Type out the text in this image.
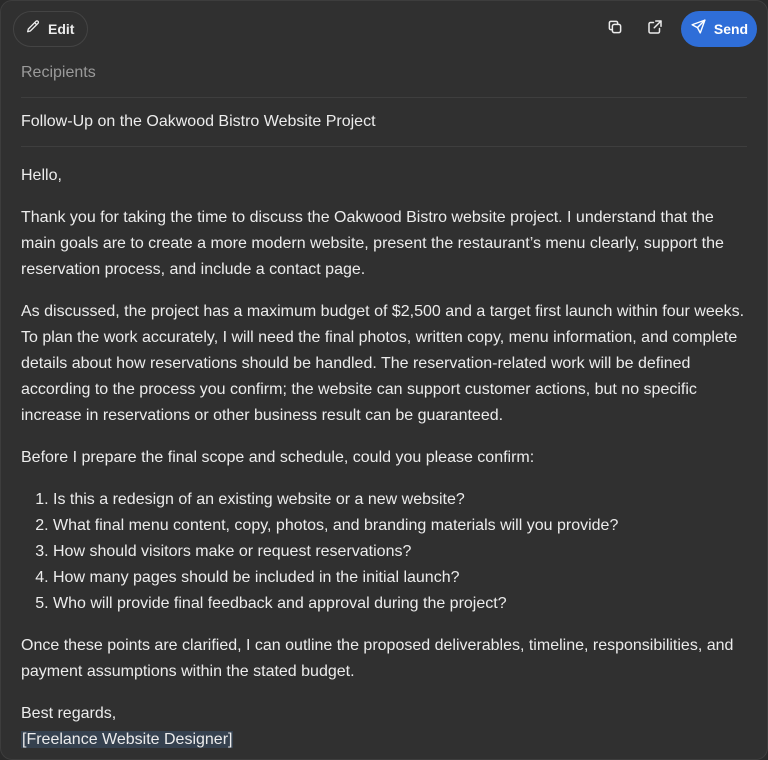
Edit	Send
Recipients
Follow-Up on the Oakwood Bistro Website Project

Hello,

Thank you for taking the time to discuss the Oakwood Bistro website project. I understand that the main goals are to create a more modern website, present the restaurant’s menu clearly, support the reservation process, and include a contact page.

As discussed, the project has a maximum budget of $2,500 and a target first launch within four weeks. To plan the work accurately, I will need the final photos, written copy, menu information, and complete details about how reservations should be handled. The reservation-related work will be defined according to the process you confirm; the website can support customer actions, but no specific increase in reservations or other business result can be guaranteed.

Before I prepare the final scope and schedule, could you please confirm:

1. Is this a redesign of an existing website or a new website?
2. What final menu content, copy, photos, and branding materials will you provide?
3. How should visitors make or request reservations?
4. How many pages should be included in the initial launch?
5. Who will provide final feedback and approval during the project?

Once these points are clarified, I can outline the proposed deliverables, timeline, responsibilities, and payment assumptions within the stated budget.

Best regards,
[Freelance Website Designer]
